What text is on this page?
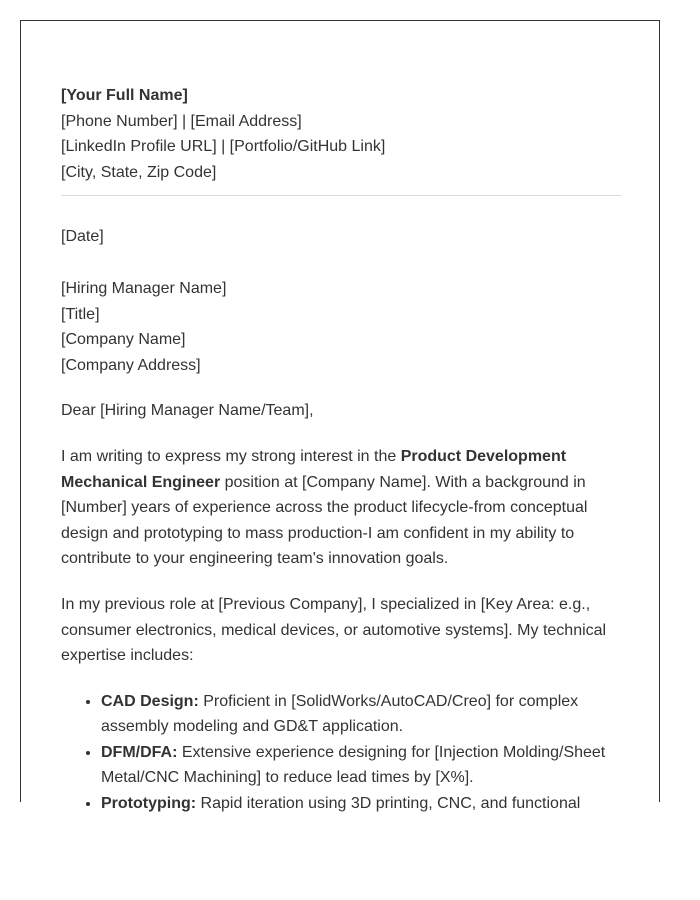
[Your Full Name]
[Phone Number] | [Email Address]
[LinkedIn Profile URL] | [Portfolio/GitHub Link]
[City, State, Zip Code]
[Date]
[Hiring Manager Name]
[Title]
[Company Name]
[Company Address]

Dear [Hiring Manager Name/Team],

I am writing to express my strong interest in the Product Development Mechanical Engineer position at [Company Name]. With a background in [Number] years of experience across the product lifecycle-from conceptual design and prototyping to mass production-I am confident in my ability to contribute to your engineering team's innovation goals.

In my previous role at [Previous Company], I specialized in [Key Area: e.g., consumer electronics, medical devices, or automotive systems]. My technical expertise includes:

• CAD Design: Proficient in [SolidWorks/AutoCAD/Creo] for complex assembly modeling and GD&T application.
• DFM/DFA: Extensive experience designing for [Injection Molding/Sheet Metal/CNC Machining] to reduce lead times by [X%].
• Prototyping: Rapid iteration using 3D printing, CNC, and functional
